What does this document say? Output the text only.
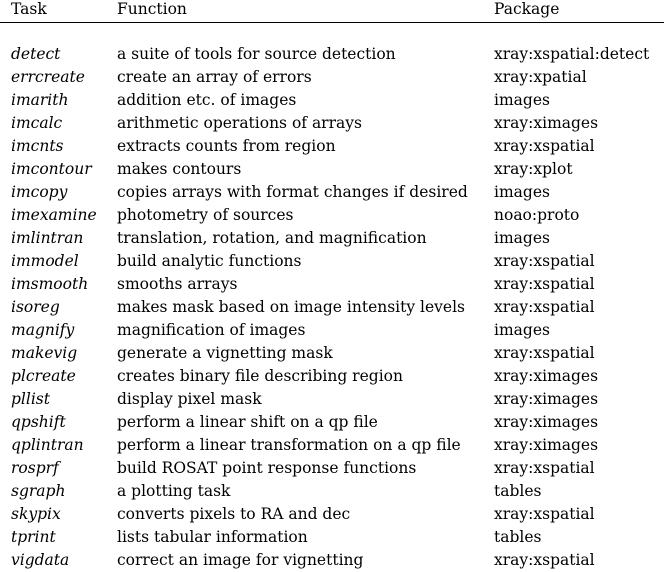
Task	Function	Package

detect	a suite of tools for source detection	xray:xspatial:detect
errcreate	create an array of errors	xray:xpatial
imarith	addition etc. of images	images
imcalc	arithmetic operations of arrays	xray:ximages
imcnts	extracts counts from region	xray:xspatial
imcontour	makes contours	xray:xplot
imcopy	copies arrays with format changes if desired	images
imexamine	photometry of sources	noao:proto
imlintran	translation, rotation, and magnification	images
immodel	build analytic functions	xray:xspatial
imsmooth	smooths arrays	xray:xspatial
isoreg	makes mask based on image intensity levels	xray:xspatial
magnify	magnification of images	images
makevig	generate a vignetting mask	xray:xspatial
plcreate	creates binary file describing region	xray:ximages
pllist	display pixel mask	xray:ximages
qpshift	perform a linear shift on a qp file	xray:ximages
qplintran	perform a linear transformation on a qp file	xray:ximages
rosprf	build ROSAT point response functions	xray:xspatial
sgraph	a plotting task	tables
skypix	converts pixels to RA and dec	xray:xspatial
tprint	lists tabular information	tables
vigdata	correct an image for vignetting	xray:xspatial
